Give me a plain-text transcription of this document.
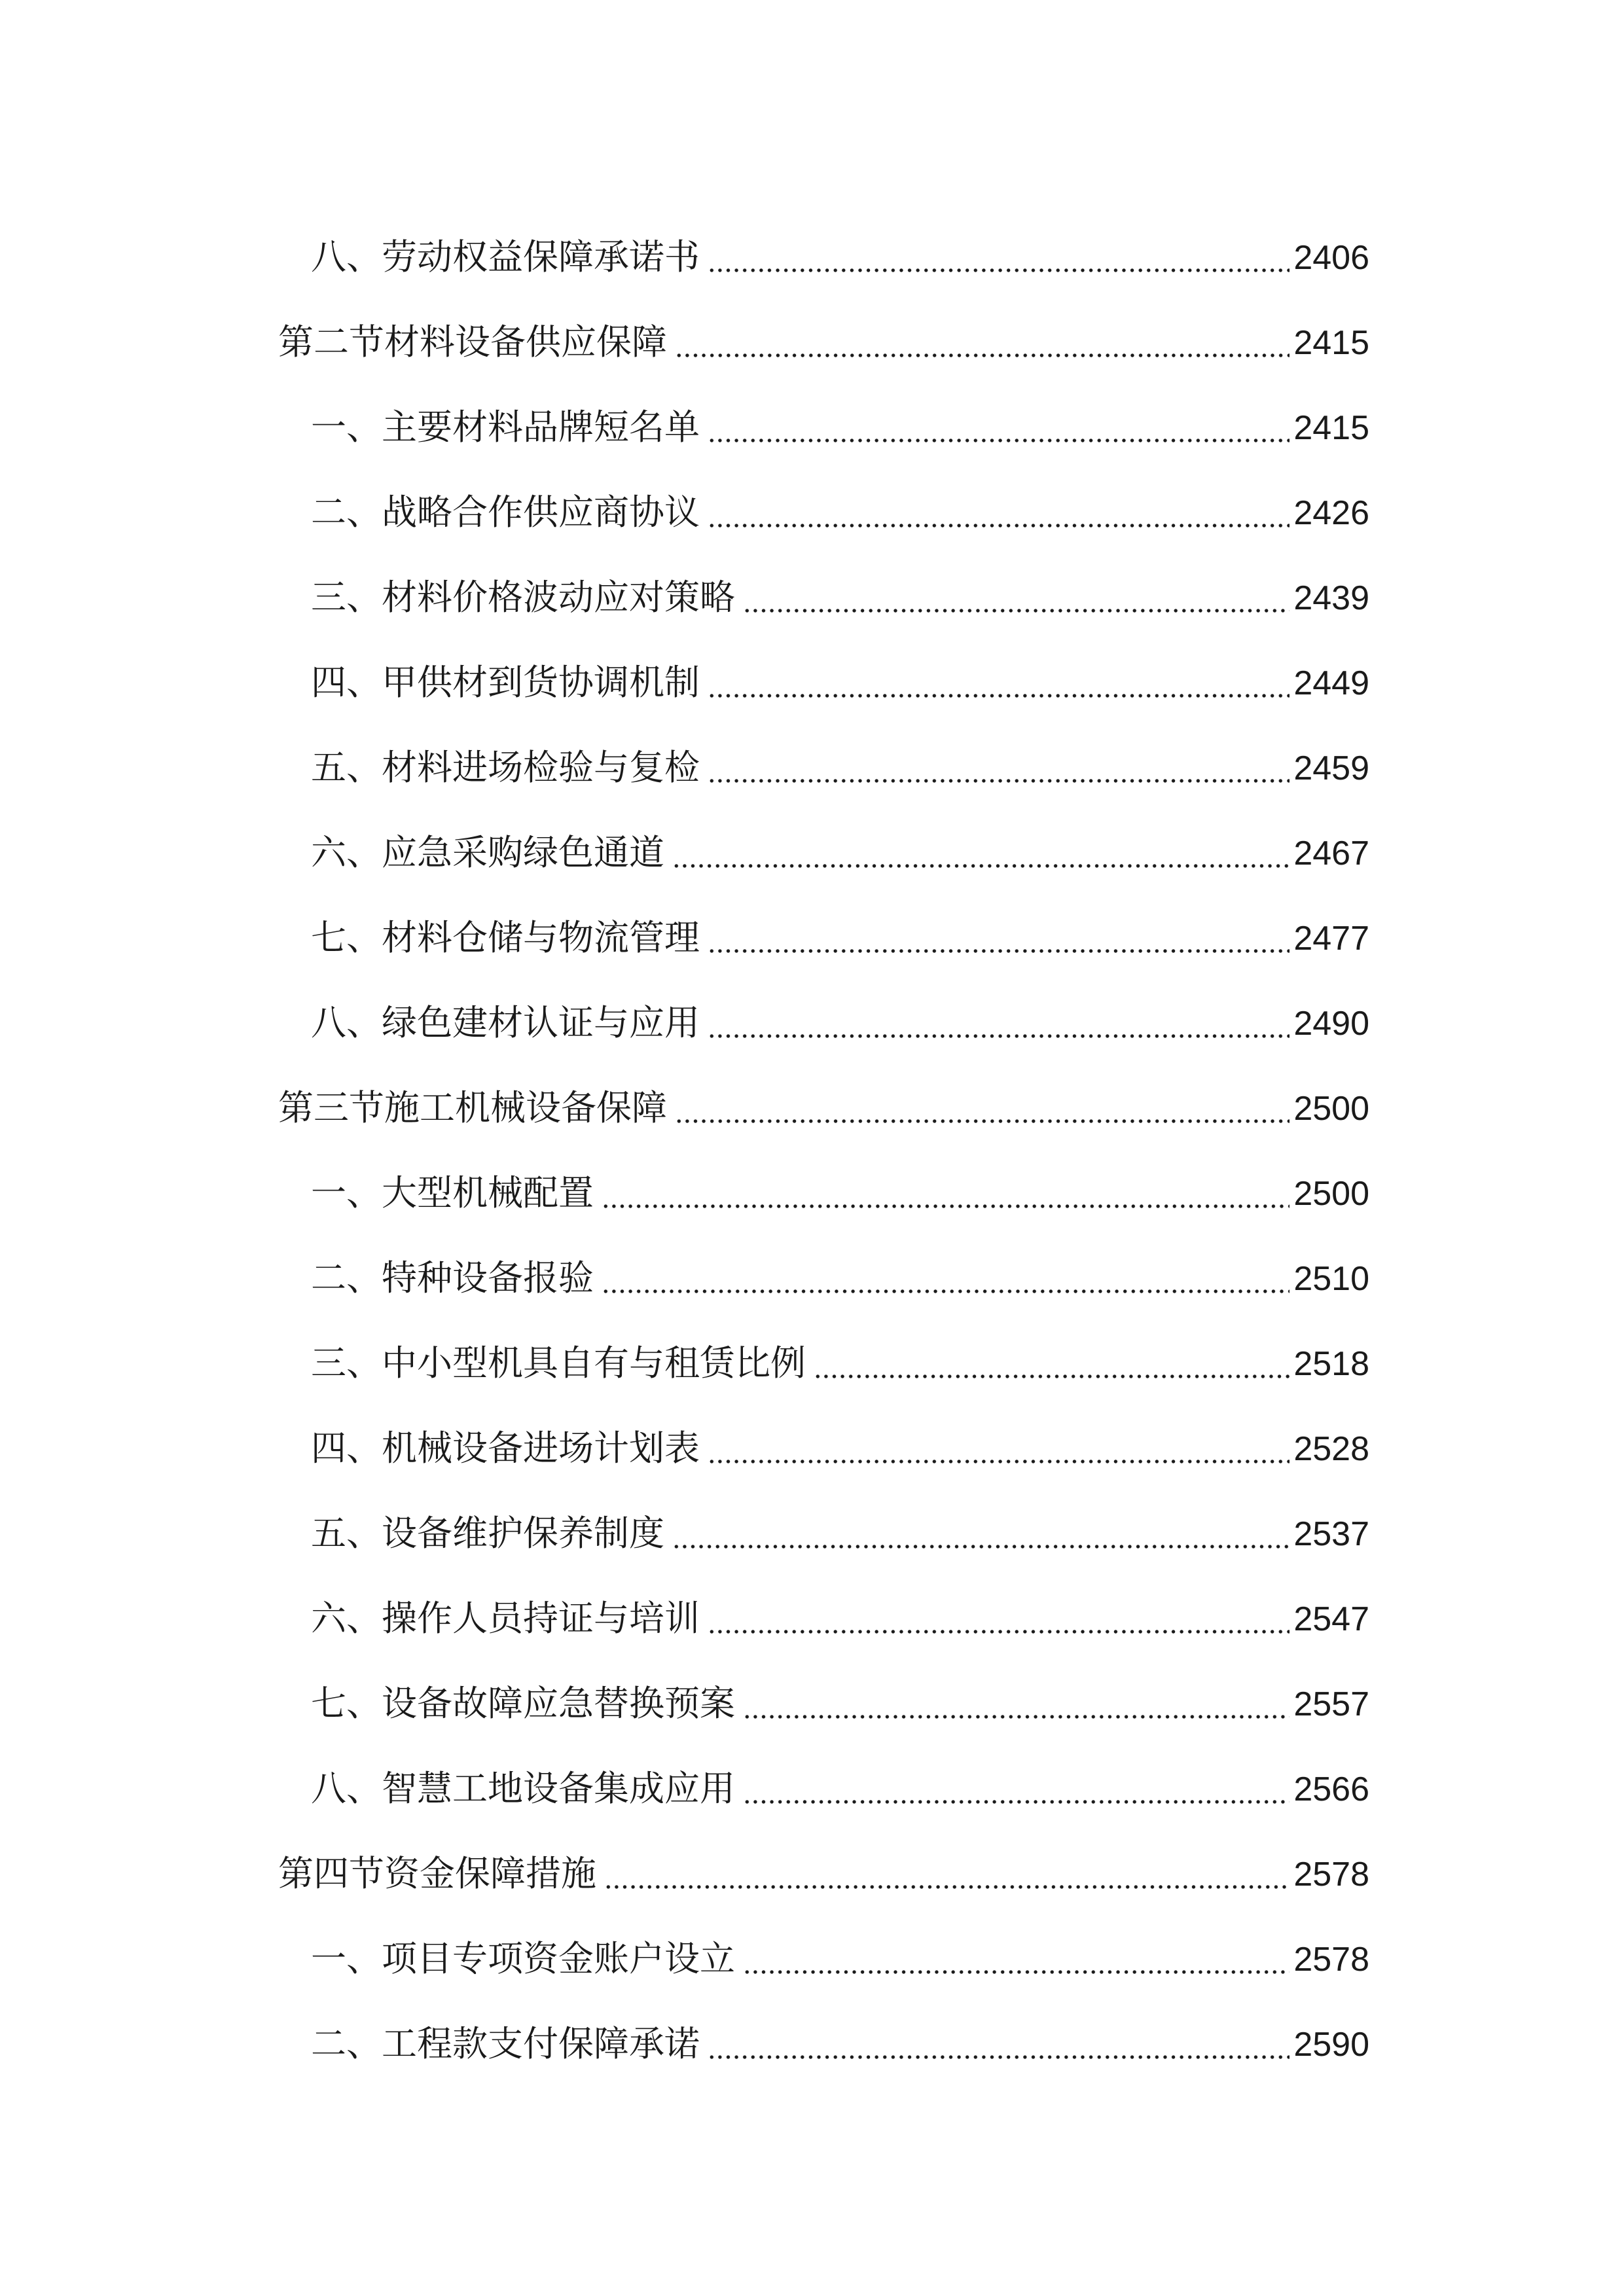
八、劳动权益保障承诺书	2406
第二节材料设备供应保障	2415
一、主要材料品牌短名单	2415
二、战略合作供应商协议	2426
三、材料价格波动应对策略	2439
四、甲供材到货协调机制	2449
五、材料进场检验与复检	2459
六、应急采购绿色通道	2467
七、材料仓储与物流管理	2477
八、绿色建材认证与应用	2490
第三节施工机械设备保障	2500
一、大型机械配置	2500
二、特种设备报验	2510
三、中小型机具自有与租赁比例	2518
四、机械设备进场计划表	2528
五、设备维护保养制度	2537
六、操作人员持证与培训	2547
七、设备故障应急替换预案	2557
八、智慧工地设备集成应用	2566
第四节资金保障措施	2578
一、项目专项资金账户设立	2578
二、工程款支付保障承诺	2590
